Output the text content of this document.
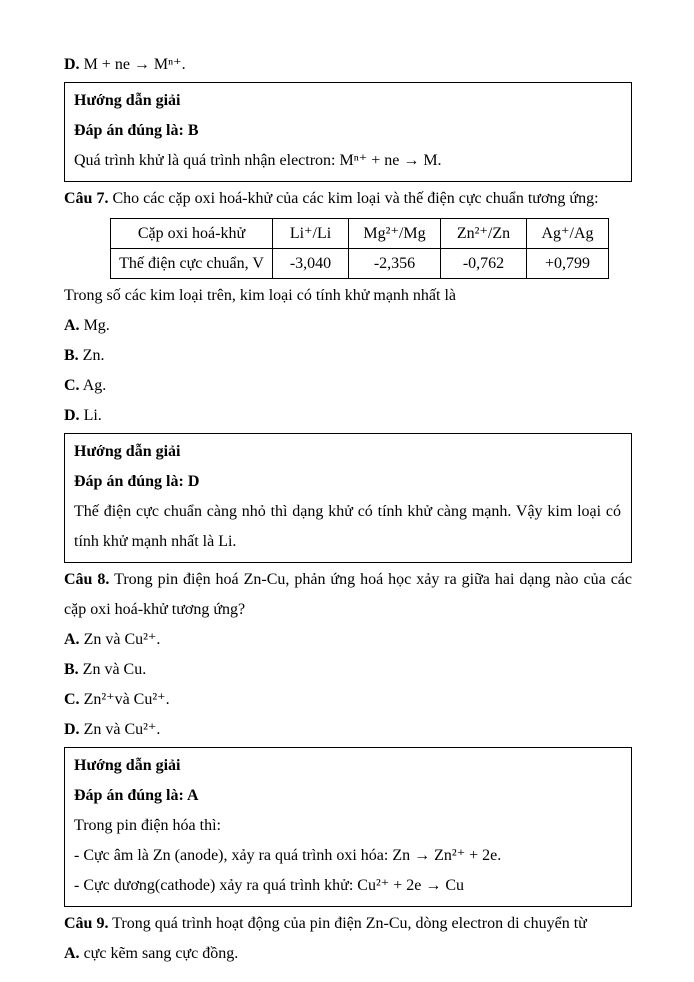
D. M + ne → Mⁿ⁺.

Hướng dẫn giải

Đáp án đúng là: B

Quá trình khử là quá trình nhận electron: Mⁿ⁺ + ne → M.

Câu 7. Cho các cặp oxi hoá-khử của các kim loại và thế điện cực chuẩn tương ứng:

Cặp oxi hoá-khử	Li⁺/Li	Mg²⁺/Mg	Zn²⁺/Zn	Ag⁺/Ag
Thế điện cực chuẩn, V	-3,040	-2,356	-0,762	+0,799

Trong số các kim loại trên, kim loại có tính khử mạnh nhất là

A. Mg.

B. Zn.

C. Ag.

D. Li.

Hướng dẫn giải

Đáp án đúng là: D

Thế điện cực chuẩn càng nhỏ thì dạng khử có tính khử càng mạnh. Vậy kim loại có tính khử mạnh nhất là Li.

Câu 8. Trong pin điện hoá Zn-Cu, phản ứng hoá học xảy ra giữa hai dạng nào của các cặp oxi hoá-khử tương ứng?

A. Zn và Cu²⁺.

B. Zn và Cu.

C. Zn²⁺và Cu²⁺.

D. Zn và Cu²⁺.

Hướng dẫn giải

Đáp án đúng là: A

Trong pin điện hóa thì:

- Cực âm là Zn (anode), xảy ra quá trình oxi hóa: Zn → Zn²⁺ + 2e.

- Cực dương(cathode) xảy ra quá trình khử: Cu²⁺ + 2e → Cu

Câu 9. Trong quá trình hoạt động của pin điện Zn-Cu, dòng electron di chuyển từ

A. cực kẽm sang cực đồng.
